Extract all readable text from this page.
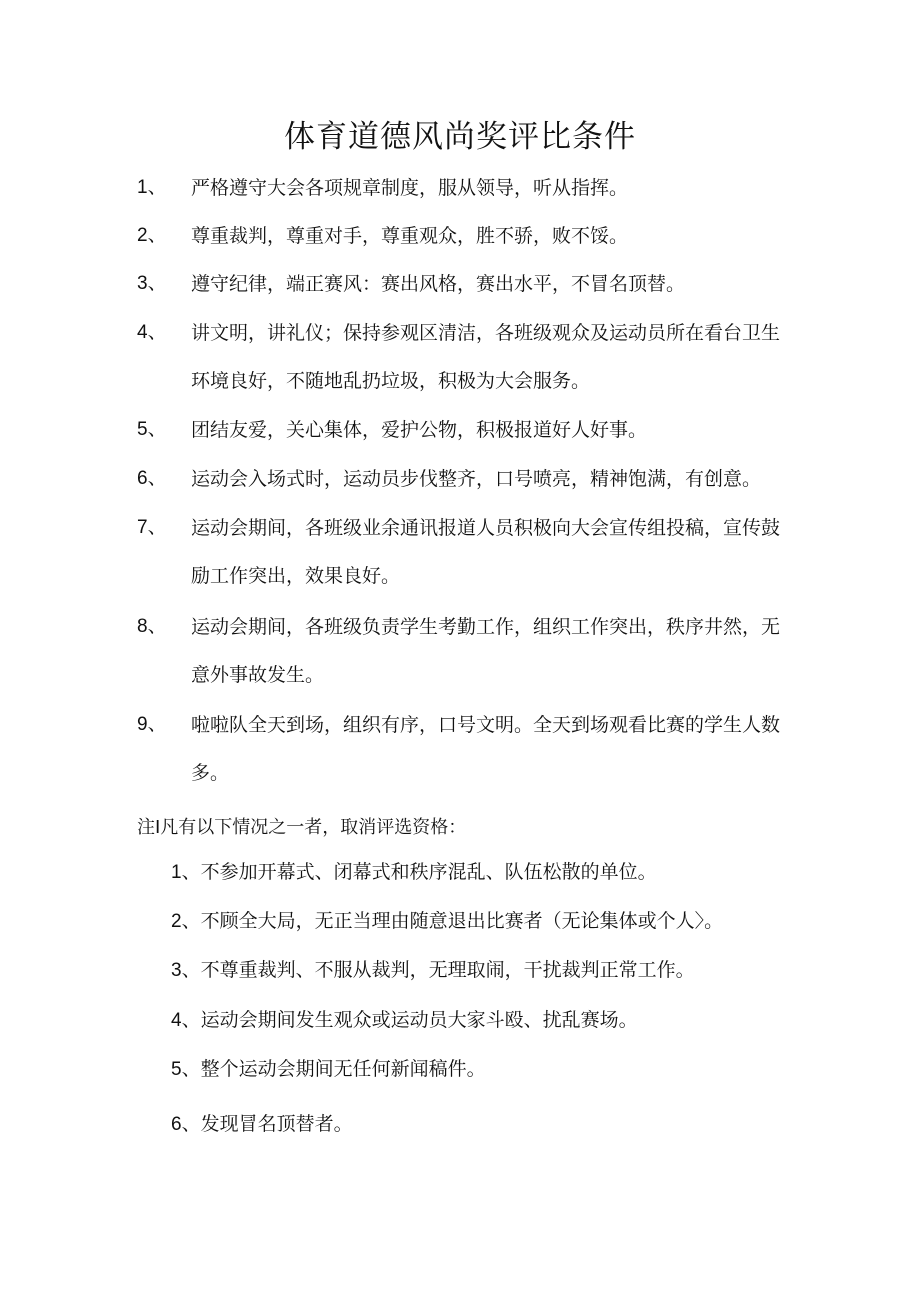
体育道德风尚奖评比条件
1、 严格遵守大会各项规章制度，服从领导，听从指挥。
2、 尊重裁判，尊重对手，尊重观众，胜不骄，败不馁。
3、 遵守纪律，端正赛风：赛出风格，赛出水平，不冒名顶替。
4、 讲文明，讲礼仪；保持参观区清洁，各班级观众及运动员所在看台卫生
环境良好，不随地乱扔垃圾，积极为大会服务。
5、 团结友爱，关心集体，爱护公物，积极报道好人好事。
6、 运动会入场式时，运动员步伐整齐，口号喷亮，精神饱满，有创意。
7、 运动会期间，各班级业余通讯报道人员积极向大会宣传组投稿，宣传鼓
励工作突出，效果良好。
8、 运动会期间，各班级负责学生考勤工作，组织工作突出，秩序井然，无
意外事故发生。
9、 啦啦队全天到场，组织有序，口号文明。全天到场观看比赛的学生人数
多。
注I凡有以下情况之一者，取消评选资格：
1、不参加开幕式、闭幕式和秩序混乱、队伍松散的单位。
2、不顾全大局，无正当理由随意退出比赛者（无论集体或个人〉。
3、不尊重裁判、不服从裁判，无理取闹，干扰裁判正常工作。
4、运动会期间发生观众或运动员大家斗殴、扰乱赛场。
5、整个运动会期间无任何新闻稿件。
6、发现冒名顶替者。
